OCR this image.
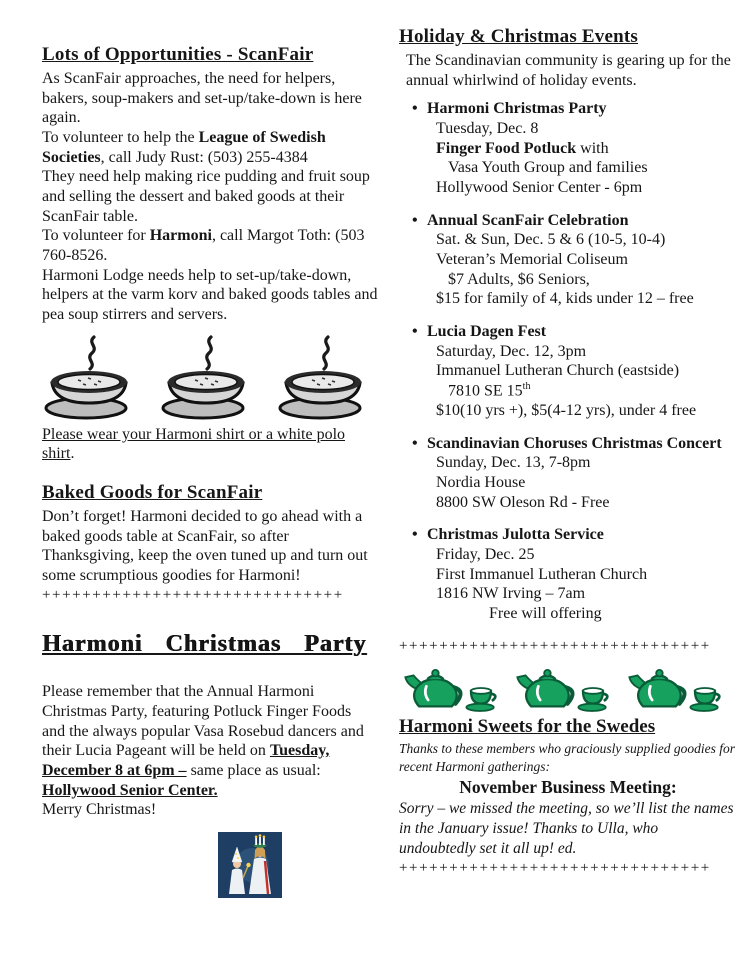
Lots of Opportunities - ScanFair

As ScanFair approaches, the need for helpers, bakers, soup-makers and set-up/take-down is here again.

To volunteer to help the League of Swedish Societies, call Judy Rust: (503) 255-4384

They need help making rice pudding and fruit soup and selling the dessert and baked goods at their ScanFair table.

To volunteer for Harmoni, call Margot Toth: (503 760-8526.

Harmoni Lodge needs help to set-up/take-down, helpers at the varm korv and baked goods tables and pea soup stirrers and servers.

Please wear your Harmoni shirt or a white polo shirt.

Baked Goods for ScanFair

Don’t forget! Harmoni decided to go ahead with a baked goods table at ScanFair, so after Thanksgiving, keep the oven tuned up and turn out some scrumptious goodies for Harmoni!

++++++++++++++++++++++++++++++
Harmoni Christmas Party

Please remember that the Annual Harmoni Christmas Party, featuring Potluck Finger Foods and the always popular Vasa Rosebud dancers and their Lucia Pageant will be held on Tuesday, December 8 at 6pm – same place as usual: Hollywood Senior Center.

Merry Christmas!

Holiday & Christmas Events

The Scandinavian community is gearing up for the annual whirlwind of holiday events.

• Harmoni Christmas Party
Tuesday, Dec. 8
Finger Food Potluck with
Vasa Youth Group and families
Hollywood Senior Center - 6pm
• Annual ScanFair Celebration
Sat. & Sun, Dec. 5 & 6 (10-5, 10-4)
Veteran’s Memorial Coliseum
$7 Adults, $6 Seniors,
$15 for family of 4, kids under 12 – free
• Lucia Dagen Fest
Saturday, Dec. 12, 3pm
Immanuel Lutheran Church (eastside)
7810 SE 15th
$10(10 yrs +), $5(4-12 yrs), under 4 free
• Scandinavian Choruses Christmas Concert
Sunday, Dec. 13, 7-8pm
Nordia House
8800 SW Oleson Rd - Free
• Christmas Julotta Service
Friday, Dec. 25
First Immanuel Lutheran Church
1816 NW Irving – 7am
Free will offering
+++++++++++++++++++++++++++++++
Harmoni Sweets for the Swedes

Thanks to these members who graciously supplied goodies for recent Harmoni gatherings:

November Business Meeting:

Sorry – we missed the meeting, so we’ll list the names in the January issue! Thanks to Ulla, who undoubtedly set it all up! ed.

+++++++++++++++++++++++++++++++
